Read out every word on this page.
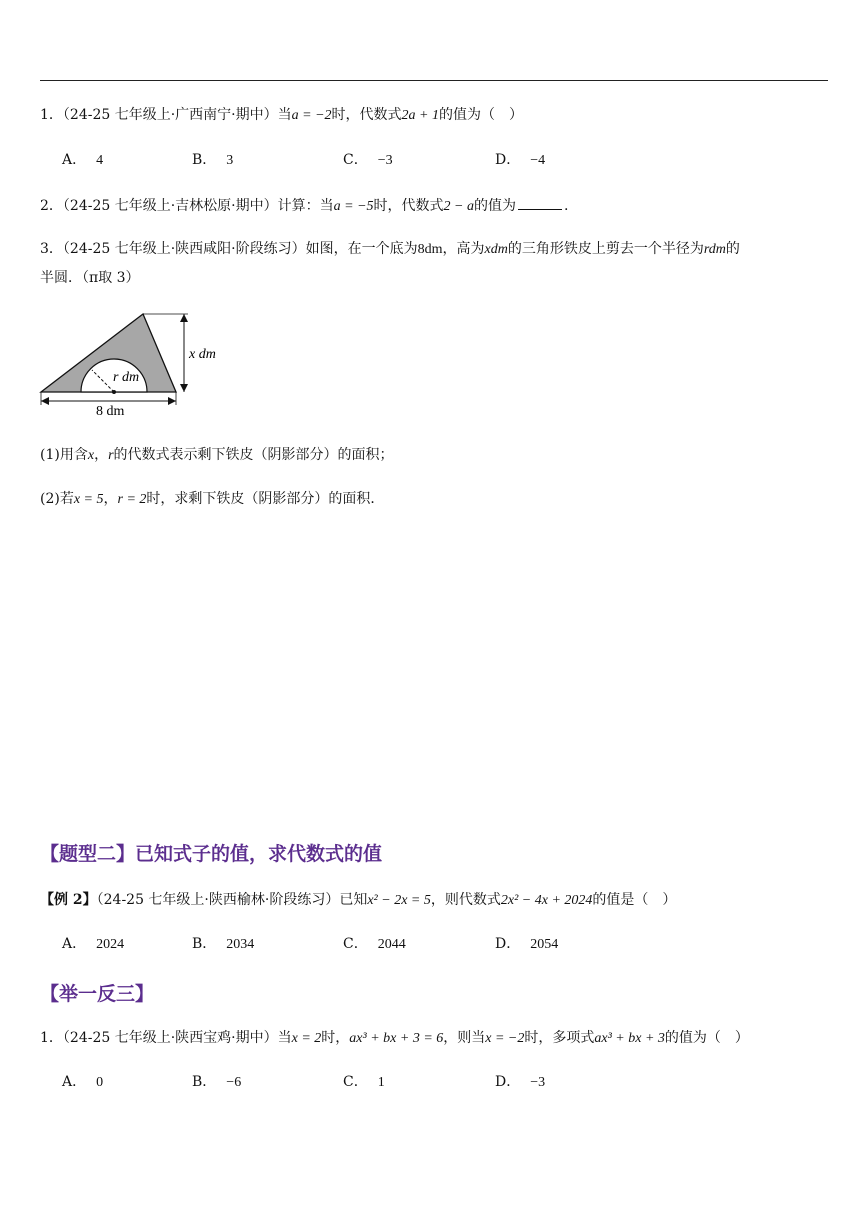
1．（24-25 七年级上·广西南宁·期中）当a = −2时，代数式2a + 1的值为（　）
A． 4	B． 3	C． −3	D． −4
2．（24-25 七年级上·吉林松原·期中）计算：当a = −5时，代数式2 − a的值为	.
3．（24-25 七年级上·陕西咸阳·阶段练习）如图，在一个底为8dm，高为xdm的三角形铁皮上剪去一个半径为rdm的
半圆．（π取 3）
r dm
x dm
8 dm
(1)用含x，r的代数式表示剩下铁皮（阴影部分）的面积；
(2)若x = 5，r = 2时，求剩下铁皮（阴影部分）的面积．
【题型二】已知式子的值，求代数式的值
【例 2】（24-25 七年级上·陕西榆林·阶段练习）已知x² − 2x = 5，则代数式2x² − 4x + 2024的值是（　）
A． 2024	B． 2034	C． 2044	D． 2054
【举一反三】
1．（24-25 七年级上·陕西宝鸡·期中）当x = 2时，ax³ + bx + 3 = 6，则当x = −2时，多项式ax³ + bx + 3的值为（　）
A． 0	B． −6	C． 1	D． −3
